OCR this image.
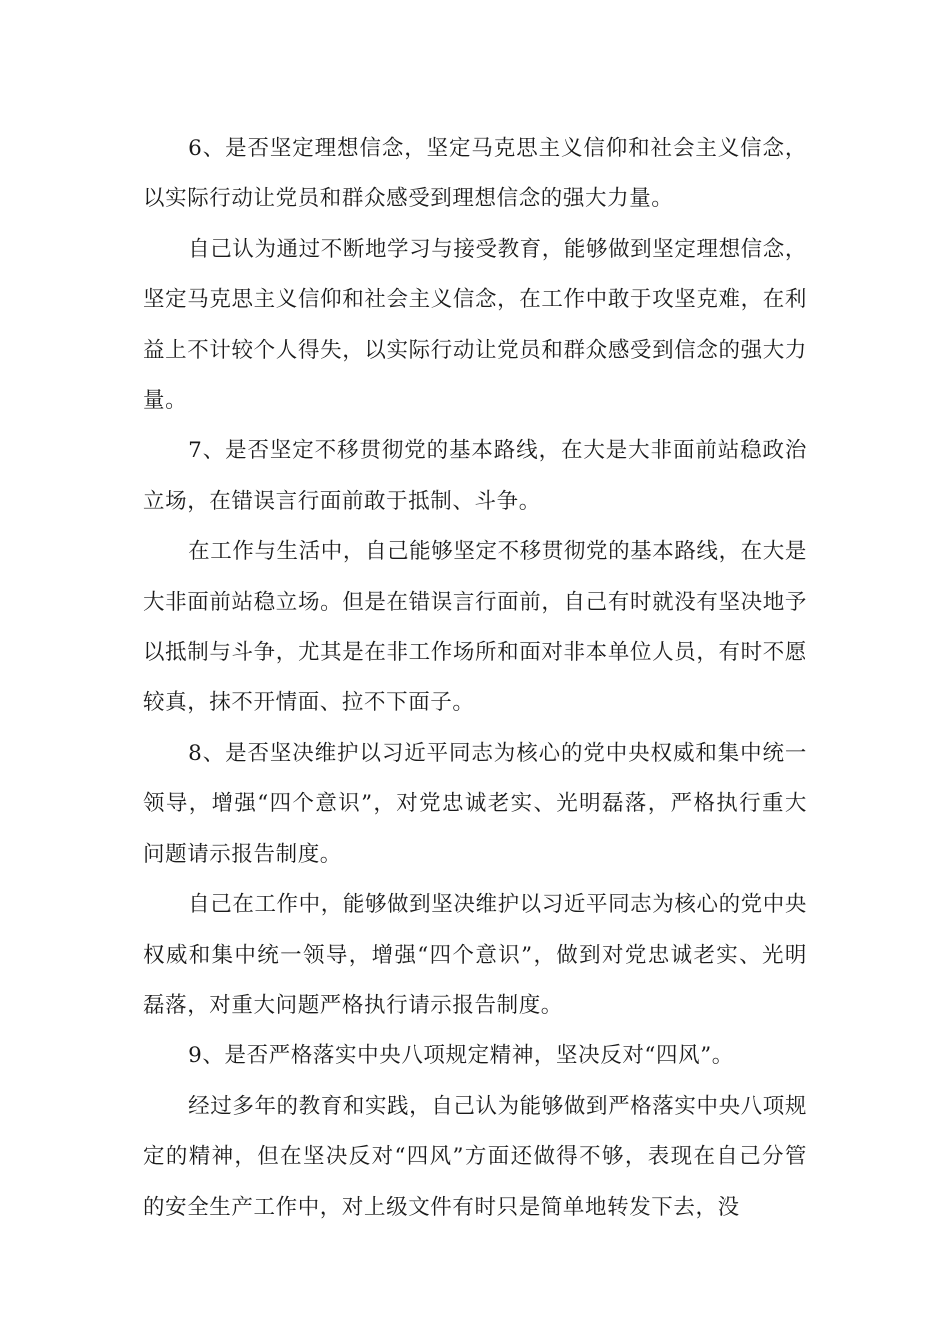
6、是否坚定理想信念，坚定马克思主义信仰和社会主义信念，以实际行动让党员和群众感受到理想信念的强大力量。

自己认为通过不断地学习与接受教育，能够做到坚定理想信念，坚定马克思主义信仰和社会主义信念，在工作中敢于攻坚克难，在利益上不计较个人得失，以实际行动让党员和群众感受到信念的强大力量。

7、是否坚定不移贯彻党的基本路线，在大是大非面前站稳政治立场，在错误言行面前敢于抵制、斗争。

在工作与生活中，自己能够坚定不移贯彻党的基本路线，在大是大非面前站稳立场。但是在错误言行面前，自己有时就没有坚决地予以抵制与斗争，尤其是在非工作场所和面对非本单位人员，有时不愿较真，抹不开情面、拉不下面子。

8、是否坚决维护以习近平同志为核心的党中央权威和集中统一领导，增强“四个意识”，对党忠诚老实、光明磊落，严格执行重大问题请示报告制度。

自己在工作中，能够做到坚决维护以习近平同志为核心的党中央权威和集中统一领导，增强“四个意识”，做到对党忠诚老实、光明磊落，对重大问题严格执行请示报告制度。

9、是否严格落实中央八项规定精神，坚决反对“四风”。

经过多年的教育和实践，自己认为能够做到严格落实中央八项规定的精神，但在坚决反对“四风”方面还做得不够，表现在自己分管的安全生产工作中，对上级文件有时只是简单地转发下去，没
